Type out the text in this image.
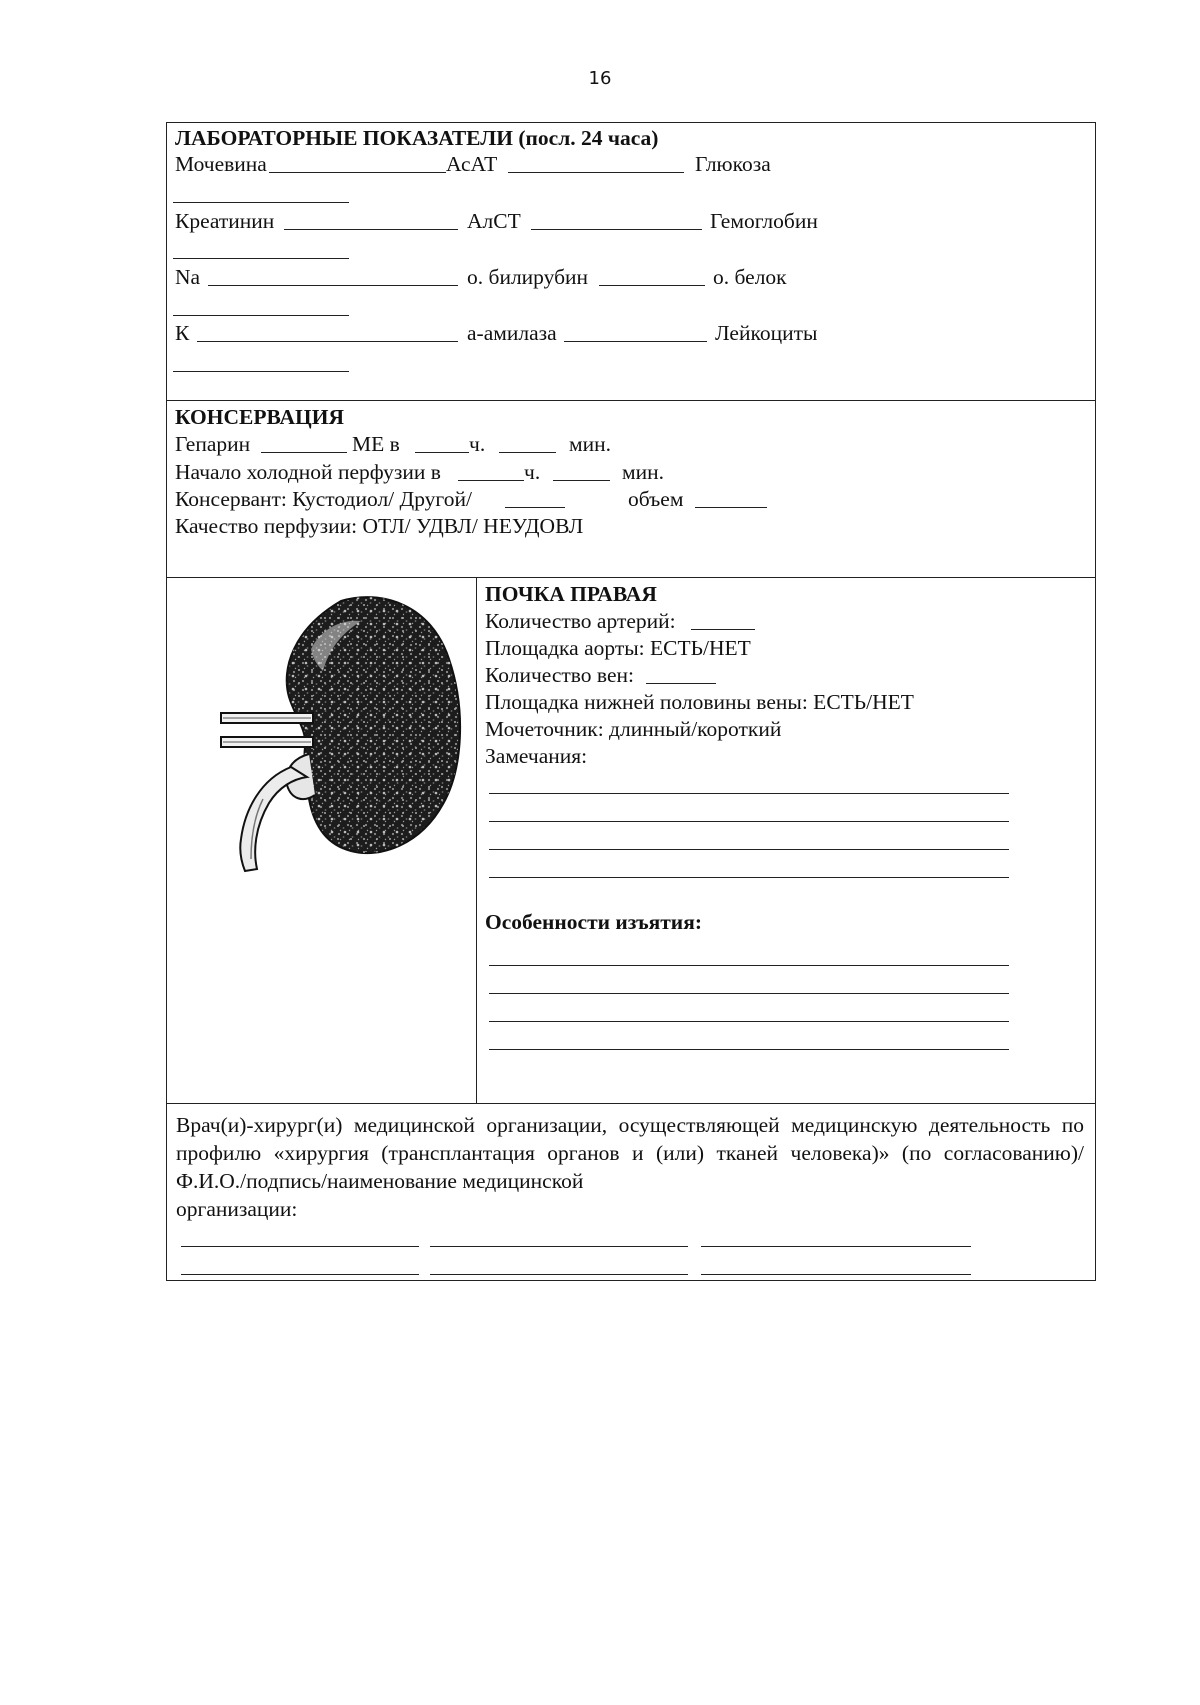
16
ЛАБОРАТОРНЫЕ ПОКАЗАТЕЛИ (посл. 24 часа)
Мочевина	АсАТ	Глюкоза
Креатинин	АлСТ	Гемоглобин
Na	о. билирубин	о. белок
К	а-амилаза	Лейкоциты
КОНСЕРВАЦИЯ
Гепарин	МЕ в	ч.	мин.
Начало холодной перфузии в	ч.	мин.
Консервант: Кустодиол/ Другой/	объем
Качество перфузии: ОТЛ/ УДВЛ/ НЕУДОВЛ
ПОЧКА ПРАВАЯ
Количество артерий:
Площадка аорты: ЕСТЬ/НЕТ
Количество вен:
Площадка нижней половины вены: ЕСТЬ/НЕТ
Мочеточник: длинный/короткий
Замечания:
Особенности изъятия:
Врач(и)-хирург(и) медицинской организации, осуществляющей медицинскую деятельность по профилю «хирургия (трансплантация органов и (или) тканей человека)» (по согласованию)/Ф.И.О./подпись/наименование медицинской
организации:
